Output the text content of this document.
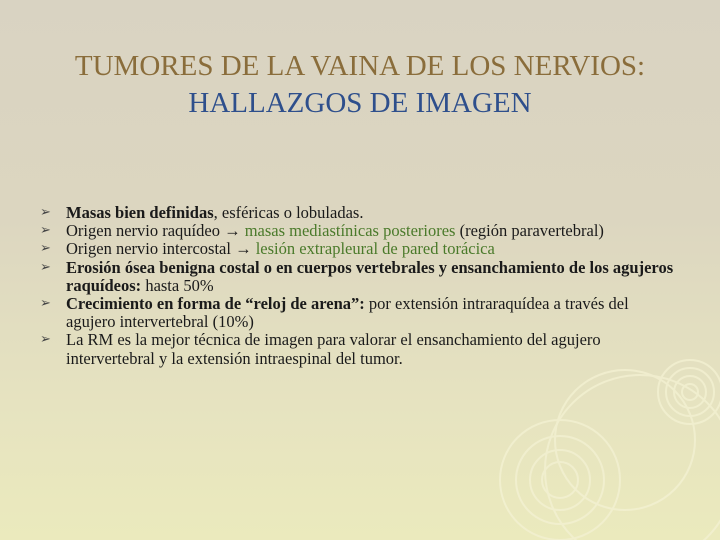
TUMORES DE LA VAINA DE LOS NERVIOS: HALLAZGOS DE IMAGEN
➢ Masas bien definidas, esféricas o lobuladas.
➢ Origen nervio raquídeo → masas mediastínicas posteriores (región paravertebral)
➢ Origen nervio intercostal → lesión extrapleural de pared torácica
➢ Erosión ósea benigna costal o en cuerpos vertebrales y ensanchamiento de los agujeros raquídeos: hasta 50%
➢ Crecimiento en forma de “reloj de arena”: por extensión intraraquídea a través del agujero intervertebral (10%)
➢ La RM es la mejor técnica de imagen para valorar el ensanchamiento del agujero intervertebral y la extensión intraespinal del tumor.
